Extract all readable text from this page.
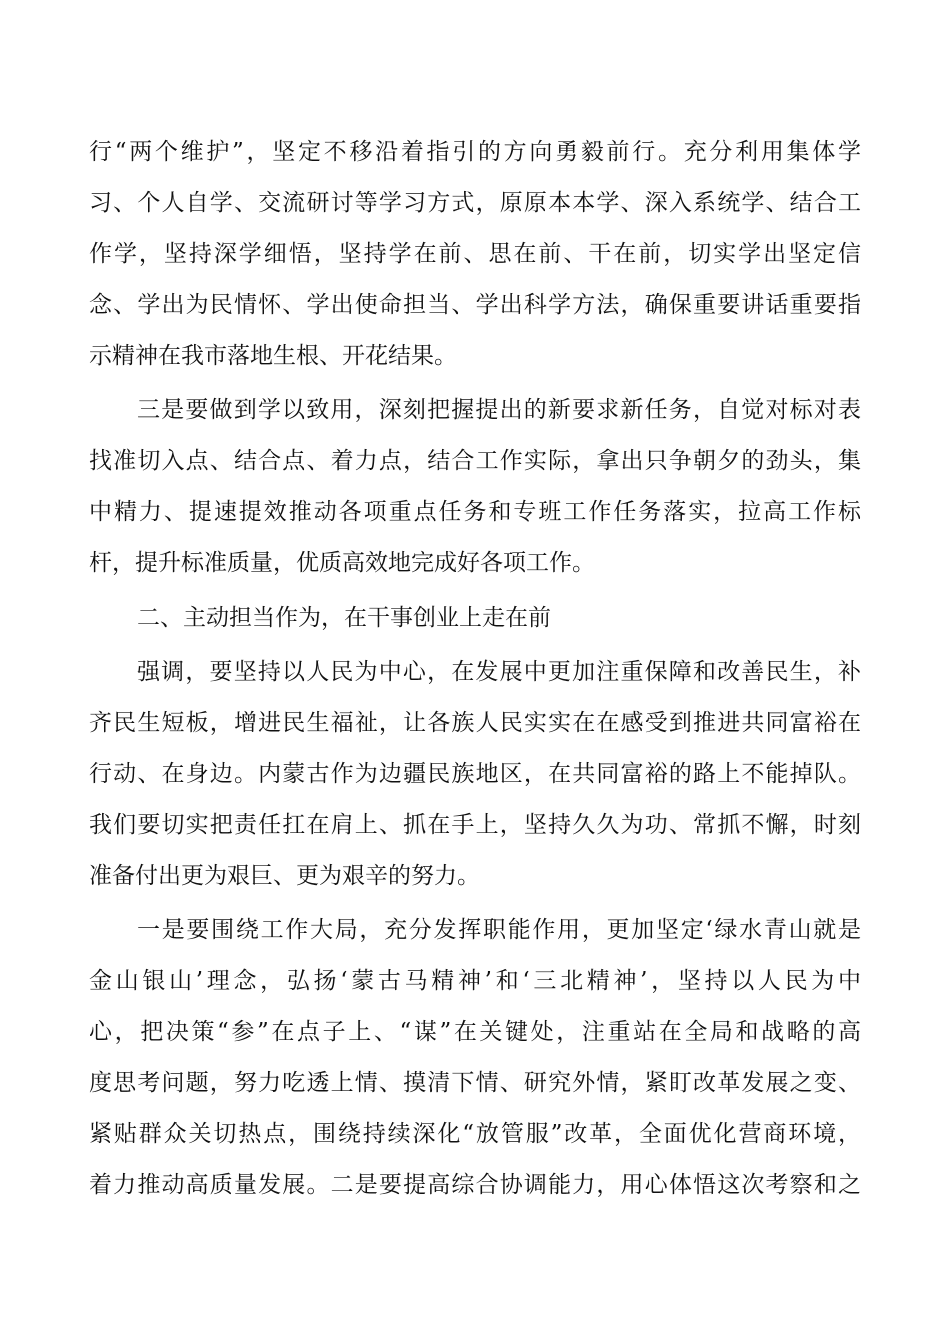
行“两个维护”，坚定不移沿着指引的方向勇毅前行。充分利用集体学
习、个人自学、交流研讨等学习方式，原原本本学、深入系统学、结合工
作学，坚持深学细悟，坚持学在前、思在前、干在前，切实学出坚定信
念、学出为民情怀、学出使命担当、学出科学方法，确保重要讲话重要指
示精神在我市落地生根、开花结果。
三是要做到学以致用，深刻把握提出的新要求新任务，自觉对标对表
找准切入点、结合点、着力点，结合工作实际，拿出只争朝夕的劲头，集
中精力、提速提效推动各项重点任务和专班工作任务落实，拉高工作标
杆，提升标准质量，优质高效地完成好各项工作。
二、主动担当作为，在干事创业上走在前
强调，要坚持以人民为中心，在发展中更加注重保障和改善民生，补
齐民生短板，增进民生福祉，让各族人民实实在在感受到推进共同富裕在
行动、在身边。内蒙古作为边疆民族地区，在共同富裕的路上不能掉队。
我们要切实把责任扛在肩上、抓在手上，坚持久久为功、常抓不懈，时刻
准备付出更为艰巨、更为艰辛的努力。
一是要围绕工作大局，充分发挥职能作用，更加坚定‘绿水青山就是
金山银山’理念，弘扬‘蒙古马精神’和‘三北精神’，坚持以人民为中
心，把决策“参”在点子上、“谋”在关键处，注重站在全局和战略的高
度思考问题，努力吃透上情、摸清下情、研究外情，紧盯改革发展之变、
紧贴群众关切热点，围绕持续深化“放管服”改革，全面优化营商环境，
着力推动高质量发展。二是要提高综合协调能力，用心体悟这次考察和之
